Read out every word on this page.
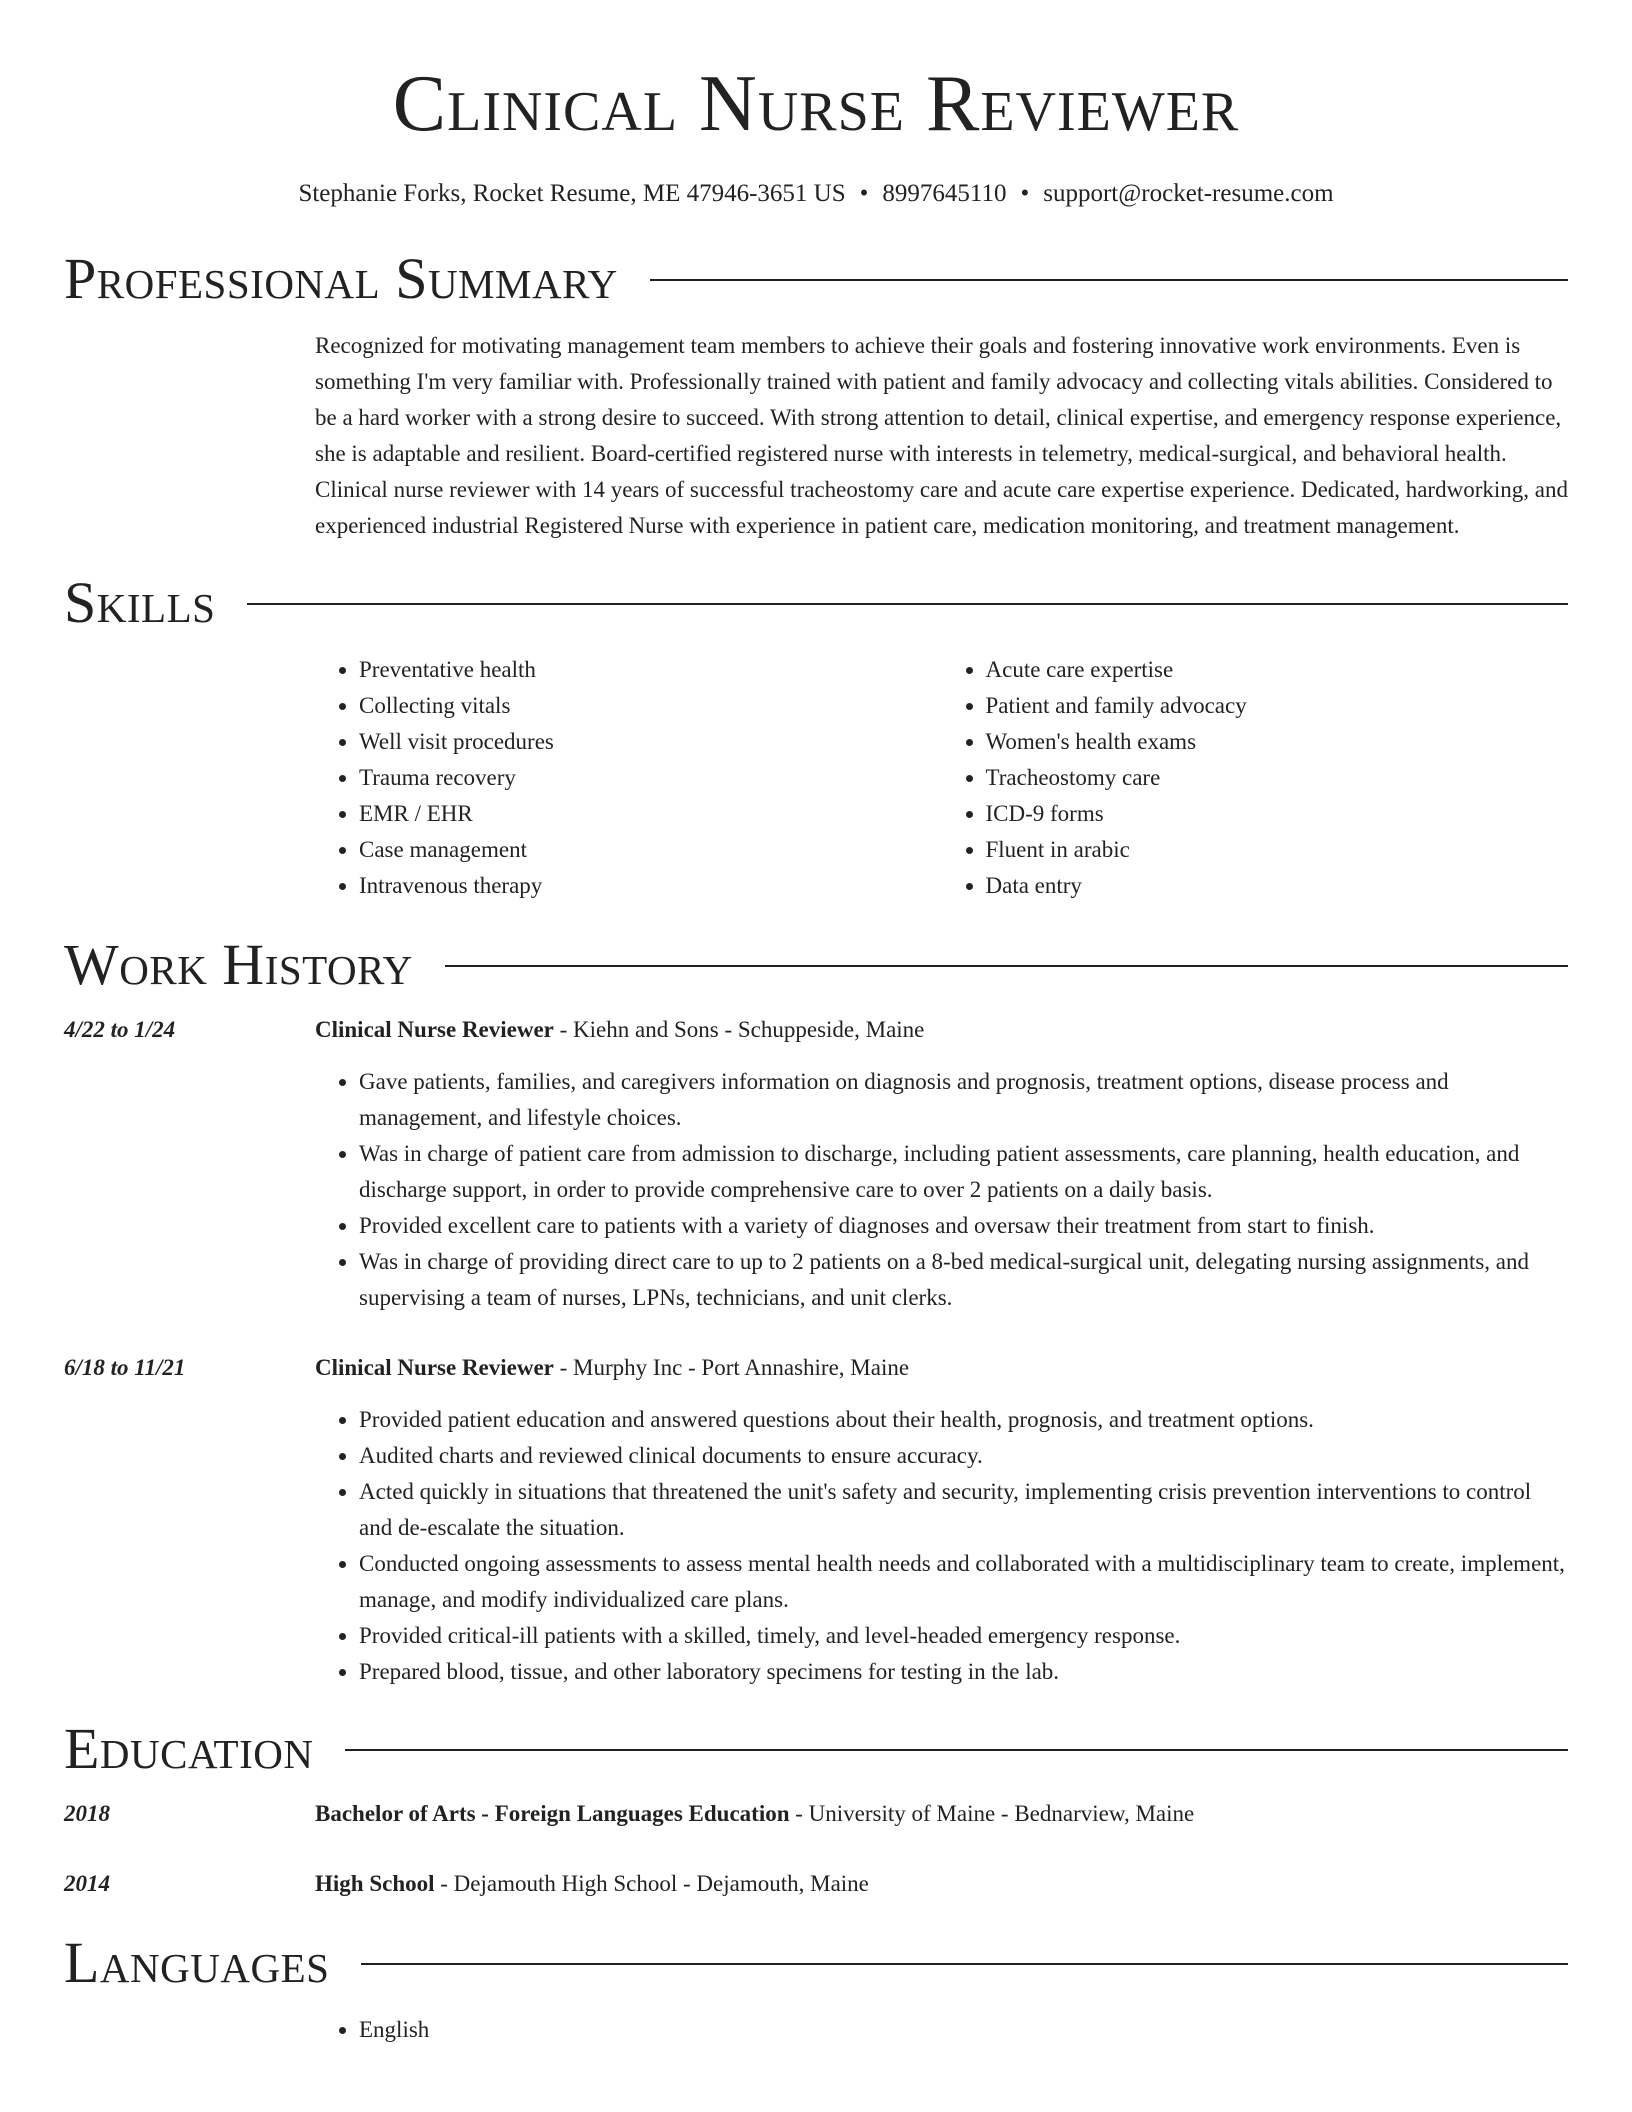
Clinical Nurse Reviewer
Stephanie Forks, Rocket Resume, ME 47946-3651 US • 8997645110 • support@rocket-resume.com
Professional Summary
Recognized for motivating management team members to achieve their goals and fostering innovative work environments. Even is something I'm very familiar with. Professionally trained with patient and family advocacy and collecting vitals abilities. Considered to be a hard worker with a strong desire to succeed. With strong attention to detail, clinical expertise, and emergency response experience, she is adaptable and resilient. Board-certified registered nurse with interests in telemetry, medical-surgical, and behavioral health. Clinical nurse reviewer with 14 years of successful tracheostomy care and acute care expertise experience. Dedicated, hardworking, and experienced industrial Registered Nurse with experience in patient care, medication monitoring, and treatment management.
Skills
• Preventative health
• Collecting vitals
• Well visit procedures
• Trauma recovery
• EMR / EHR
• Case management
• Intravenous therapy
• Acute care expertise
• Patient and family advocacy
• Women's health exams
• Tracheostomy care
• ICD-9 forms
• Fluent in arabic
• Data entry
Work History
4/22 to 1/24	Clinical Nurse Reviewer - Kiehn and Sons - Schuppeside, Maine
• Gave patients, families, and caregivers information on diagnosis and prognosis, treatment options, disease process and management, and lifestyle choices.
• Was in charge of patient care from admission to discharge, including patient assessments, care planning, health education, and discharge support, in order to provide comprehensive care to over 2 patients on a daily basis.
• Provided excellent care to patients with a variety of diagnoses and oversaw their treatment from start to finish.
• Was in charge of providing direct care to up to 2 patients on a 8-bed medical-surgical unit, delegating nursing assignments, and supervising a team of nurses, LPNs, technicians, and unit clerks.
6/18 to 11/21	Clinical Nurse Reviewer - Murphy Inc - Port Annashire, Maine
• Provided patient education and answered questions about their health, prognosis, and treatment options.
• Audited charts and reviewed clinical documents to ensure accuracy.
• Acted quickly in situations that threatened the unit's safety and security, implementing crisis prevention interventions to control and de-escalate the situation.
• Conducted ongoing assessments to assess mental health needs and collaborated with a multidisciplinary team to create, implement, manage, and modify individualized care plans.
• Provided critical-ill patients with a skilled, timely, and level-headed emergency response.
• Prepared blood, tissue, and other laboratory specimens for testing in the lab.
Education
2018	Bachelor of Arts - Foreign Languages Education - University of Maine - Bednarview, Maine
2014	High School - Dejamouth High School - Dejamouth, Maine
Languages
• English
